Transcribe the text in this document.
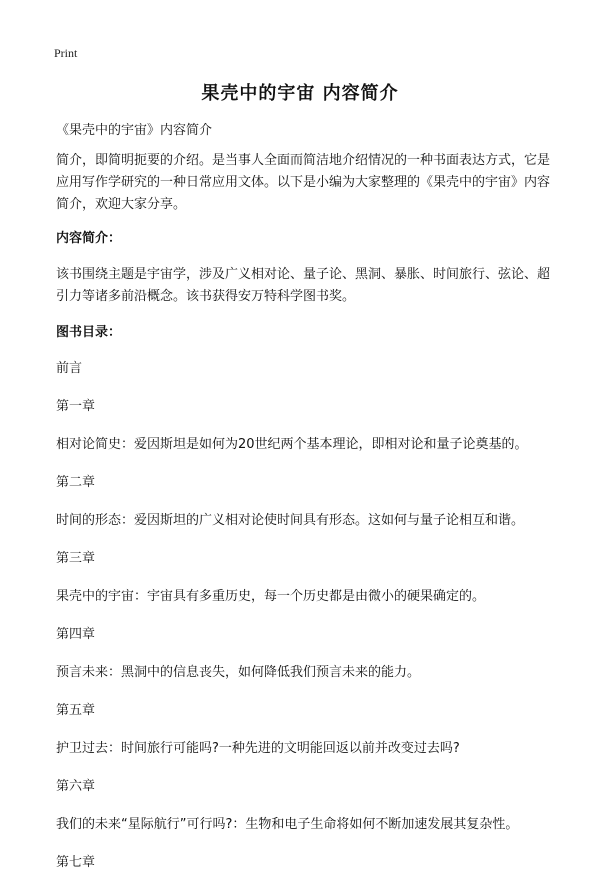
Print
果壳中的宇宙 内容简介

《果壳中的宇宙》内容简介

简介，即简明扼要的介绍。是当事人全面而简洁地介绍情况的一种书面表达方式，它是应用写作学研究的一种日常应用文体。以下是小编为大家整理的《果壳中的宇宙》内容简介，欢迎大家分享。

内容简介：

该书围绕主题是宇宙学，涉及广义相对论、量子论、黑洞、暴胀、时间旅行、弦论、超引力等诸多前沿概念。该书获得安万特科学图书奖。

图书目录：

前言

第一章

相对论简史：爱因斯坦是如何为20世纪两个基本理论，即相对论和量子论奠基的。

第二章

时间的形态：爱因斯坦的广义相对论使时间具有形态。这如何与量子论相互和谐。

第三章

果壳中的宇宙：宇宙具有多重历史，每一个历史都是由微小的硬果确定的。

第四章

预言未来：黑洞中的信息丧失，如何降低我们预言未来的能力。

第五章

护卫过去：时间旅行可能吗?一种先进的文明能回返以前并改变过去吗?

第六章

我们的未来“星际航行”可行吗?：生物和电子生命将如何不断加速发展其复杂性。

第七章
